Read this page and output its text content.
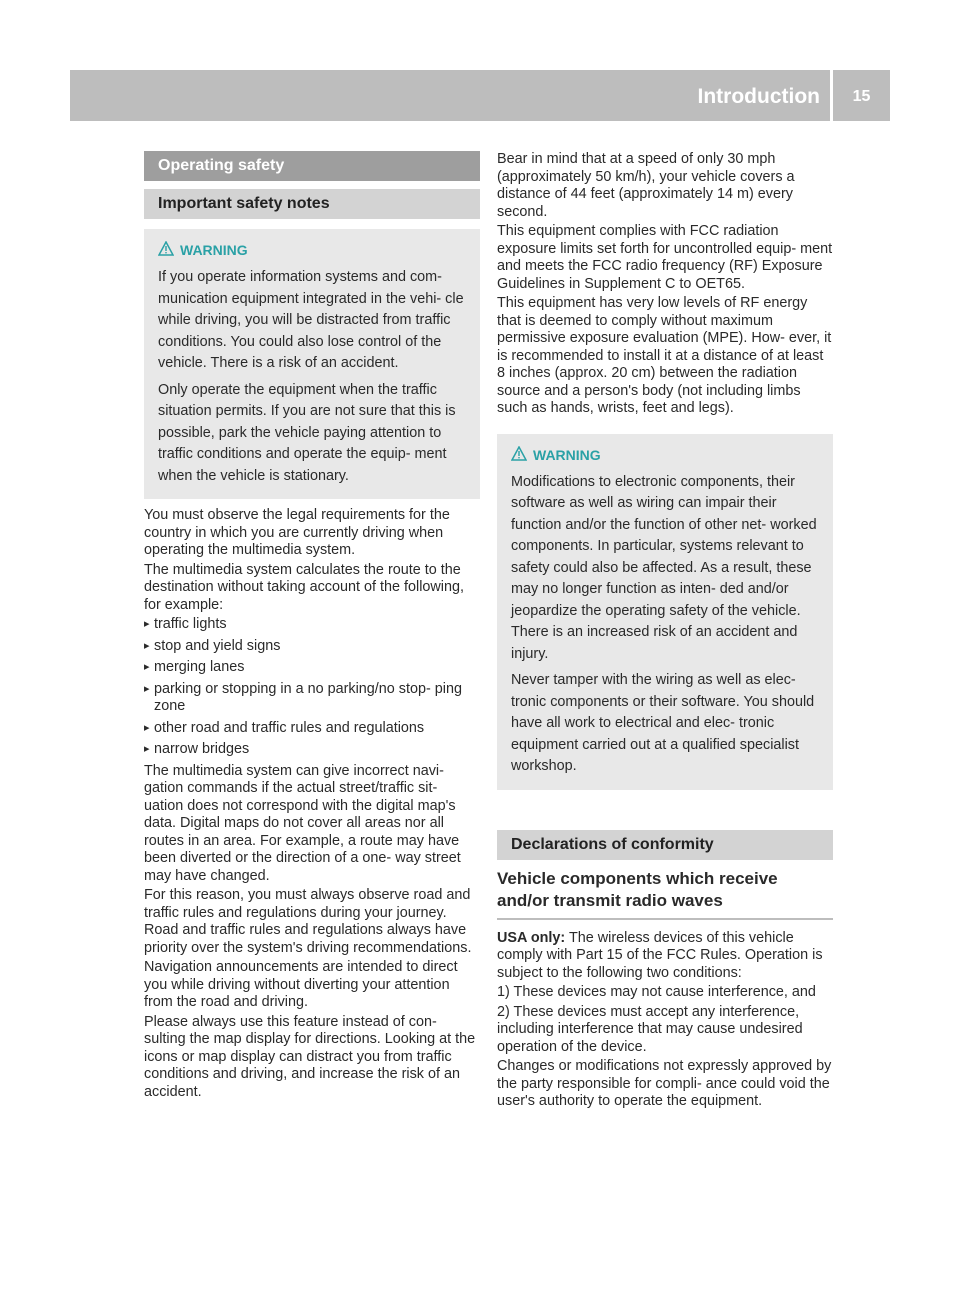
Introduction	15
Operating safety
Important safety notes
WARNING

If you operate information systems and com- munication equipment integrated in the vehi- cle while driving, you will be distracted from traffic conditions. You could also lose control of the vehicle. There is a risk of an accident.

Only operate the equipment when the traffic situation permits. If you are not sure that this is possible, park the vehicle paying attention to traffic conditions and operate the equip- ment when the vehicle is stationary.

You must observe the legal requirements for the country in which you are currently driving when operating the multimedia system.

The multimedia system calculates the route to the destination without taking account of the following, for example:

▸ traffic lights
▸ stop and yield signs
▸ merging lanes
▸ parking or stopping in a no parking/no stop- ping zone
▸ other road and traffic rules and regulations
▸ narrow bridges

The multimedia system can give incorrect navi- gation commands if the actual street/traffic sit- uation does not correspond with the digital map's data. Digital maps do not cover all areas nor all routes in an area. For example, a route may have been diverted or the direction of a one- way street may have changed.

For this reason, you must always observe road and traffic rules and regulations during your journey. Road and traffic rules and regulations always have priority over the system's driving recommendations.

Navigation announcements are intended to direct you while driving without diverting your attention from the road and driving.

Please always use this feature instead of con- sulting the map display for directions. Looking at the icons or map display can distract you from traffic conditions and driving, and increase the risk of an accident.

Bear in mind that at a speed of only 30 mph (approximately 50 km/h), your vehicle covers a distance of 44 feet (approximately 14 m) every second.

This equipment complies with FCC radiation exposure limits set forth for uncontrolled equip- ment and meets the FCC radio frequency (RF) Exposure Guidelines in Supplement C to OET65.

This equipment has very low levels of RF energy that is deemed to comply without maximum permissive exposure evaluation (MPE). How- ever, it is recommended to install it at a distance of at least 8 inches (approx. 20 cm) between the radiation source and a person's body (not including limbs such as hands, wrists, feet and legs).

WARNING

Modifications to electronic components, their software as well as wiring can impair their function and/or the function of other net- worked components. In particular, systems relevant to safety could also be affected. As a result, these may no longer function as inten- ded and/or jeopardize the operating safety of the vehicle. There is an increased risk of an accident and injury.

Never tamper with the wiring as well as elec- tronic components or their software. You should have all work to electrical and elec- tronic equipment carried out at a qualified specialist workshop.

Declarations of conformity
Vehicle components which receive and/or transmit radio waves

USA only: The wireless devices of this vehicle comply with Part 15 of the FCC Rules. Operation is subject to the following two conditions:

1) These devices may not cause interference, and

2) These devices must accept any interference, including interference that may cause undesired operation of the device.

Changes or modifications not expressly approved by the party responsible for compli- ance could void the user's authority to operate the equipment.
